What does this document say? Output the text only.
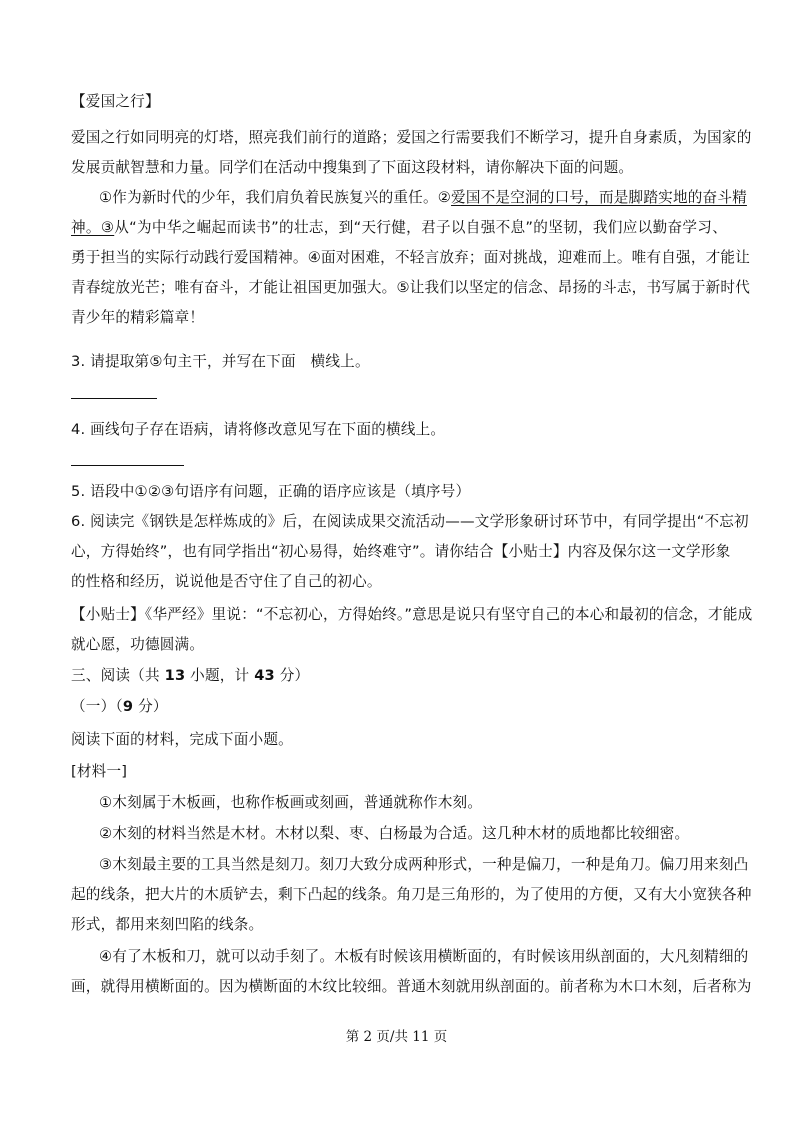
【爱国之行】
爱国之行如同明亮的灯塔，照亮我们前行的道路；爱国之行需要我们不断学习，提升自身素质，为国家的
发展贡献智慧和力量。同学们在活动中搜集到了下面这段材料，请你解决下面的问题。
①作为新时代的少年，我们肩负着民族复兴的重任。②爱国不是空洞的口号，而是脚踏实地的奋斗精
神。③从“为中华之崛起而读书”的壮志，到“天行健，君子以自强不息”的坚韧，我们应以勤奋学习、
勇于担当的实际行动践行爱国精神。④面对困难，不轻言放弃；面对挑战，迎难而上。唯有自强，才能让
青春绽放光芒；唯有奋斗，才能让祖国更加强大。⑤让我们以坚定的信念、昂扬的斗志，书写属于新时代
青少年的精彩篇章！
3. 请提取第⑤句主干，并写在下面　横线上。
4. 画线句子存在语病，请将修改意见写在下面的横线上。
5. 语段中①②③句语序有问题，正确的语序应该是（填序号）
6. 阅读完《钢铁是怎样炼成的》后，在阅读成果交流活动——文学形象研讨环节中，有同学提出“不忘初
心，方得始终”，也有同学指出“初心易得，始终难守”。请你结合【小贴士】内容及保尔这一文学形象
的性格和经历，说说他是否守住了自己的初心。
【小贴士】《华严经》里说：“不忘初心，方得始终。”意思是说只有坚守自己的本心和最初的信念，才能成
就心愿，功德圆满。
三、阅读（共 13 小题，计 43 分）
（一）（9 分）
阅读下面的材料，完成下面小题。
[材料一]
①木刻属于木板画，也称作板画或刻画，普通就称作木刻。
②木刻的材料当然是木材。木材以梨、枣、白杨最为合适。这几种木材的质地都比较细密。
③木刻最主要的工具当然是刻刀。刻刀大致分成两种形式，一种是偏刀，一种是角刀。偏刀用来刻凸
起的线条，把大片的木质铲去，剩下凸起的线条。角刀是三角形的，为了使用的方便，又有大小宽狭各种
形式，都用来刻凹陷的线条。
④有了木板和刀，就可以动手刻了。木板有时候该用横断面的，有时候该用纵剖面的，大凡刻精细的
画，就得用横断面的。因为横断面的木纹比较细。普通木刻就用纵剖面的。前者称为木口木刻，后者称为
第 2 页/共 11 页
